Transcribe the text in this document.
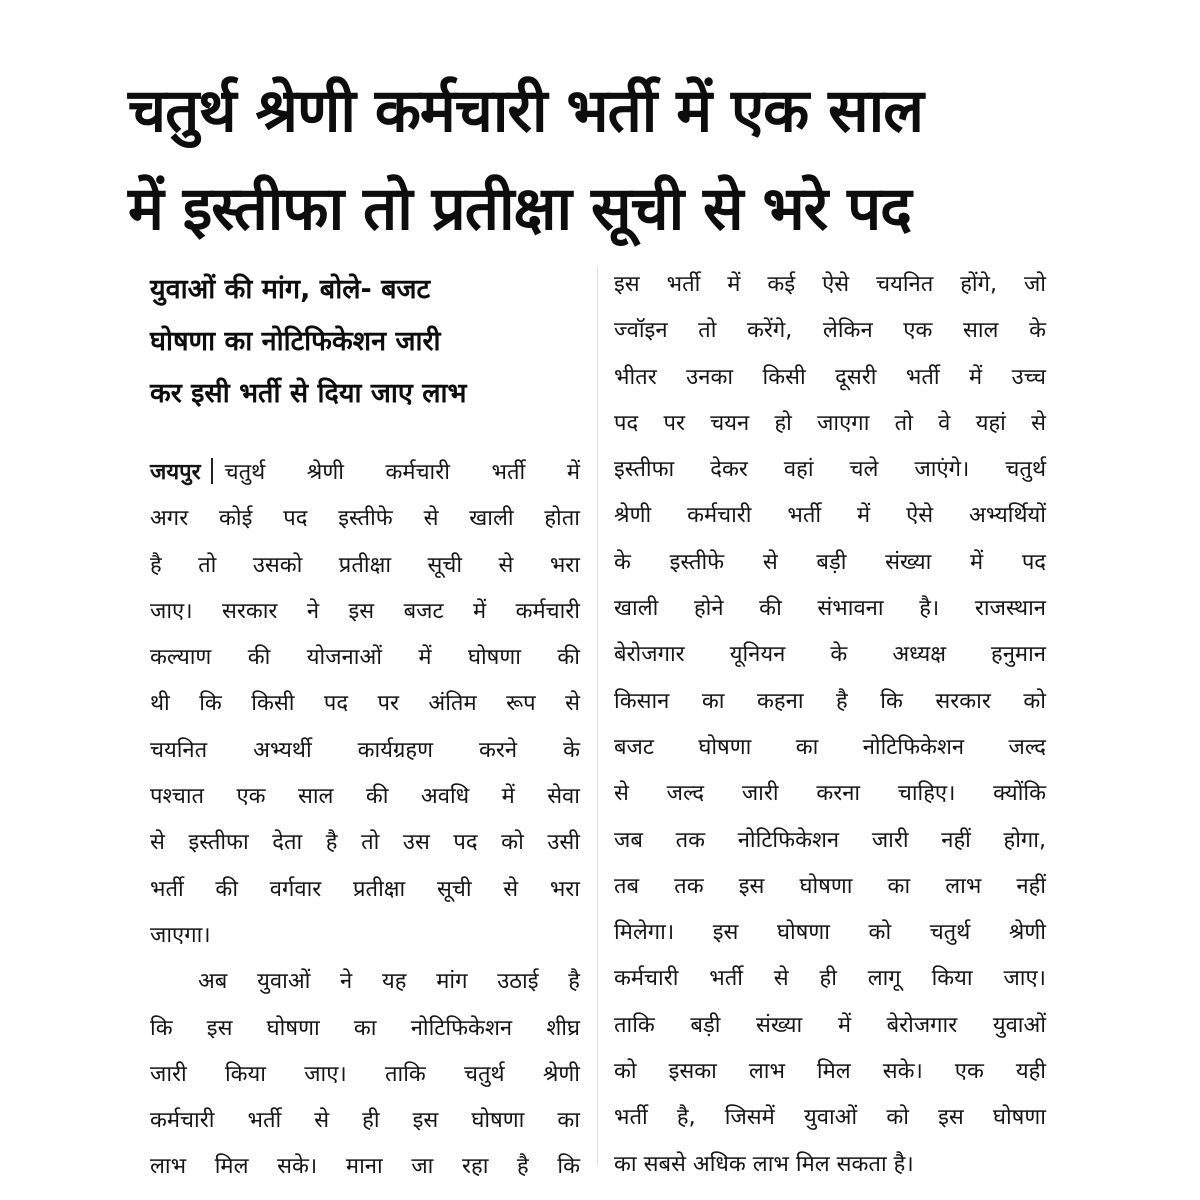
चतुर्थ श्रेणी कर्मचारी भर्ती में एक साल
में इस्तीफा तो प्रतीक्षा सूची से भरे पद
युवाओं की मांग, बोले- बजट
घोषणा का नोटिफिकेशन जारी
कर इसी भर्ती से दिया जाए लाभ
जयपुर चतुर्थ श्रेणी कर्मचारी भर्ती में
अगर कोई पद इस्तीफे से खाली होता
है तो उसको प्रतीक्षा सूची से भरा
जाए। सरकार ने इस बजट में कर्मचारी
कल्याण की योजनाओं में घोषणा की
थी कि किसी पद पर अंतिम रूप से
चयनित अभ्यर्थी कार्यग्रहण करने के
पश्चात एक साल की अवधि में सेवा
से इस्तीफा देता है तो उस पद को उसी
भर्ती की वर्गवार प्रतीक्षा सूची से भरा
जाएगा।
अब युवाओं ने यह मांग उठाई है
कि इस घोषणा का नोटिफिकेशन शीघ्र
जारी किया जाए। ताकि चतुर्थ श्रेणी
कर्मचारी भर्ती से ही इस घोषणा का
लाभ मिल सके। माना जा रहा है कि
इस भर्ती में कई ऐसे चयनित होंगे, जो
ज्वॉइन तो करेंगे, लेकिन एक साल के
भीतर उनका किसी दूसरी भर्ती में उच्च
पद पर चयन हो जाएगा तो वे यहां से
इस्तीफा देकर वहां चले जाएंगे। चतुर्थ
श्रेणी कर्मचारी भर्ती में ऐसे अभ्यर्थियों
के इस्तीफे से बड़ी संख्या में पद
खाली होने की संभावना है। राजस्थान
बेरोजगार यूनियन के अध्यक्ष हनुमान
किसान का कहना है कि सरकार को
बजट घोषणा का नोटिफिकेशन जल्द
से जल्द जारी करना चाहिए। क्योंकि
जब तक नोटिफिकेशन जारी नहीं होगा,
तब तक इस घोषणा का लाभ नहीं
मिलेगा। इस घोषणा को चतुर्थ श्रेणी
कर्मचारी भर्ती से ही लागू किया जाए।
ताकि बड़ी संख्या में बेरोजगार युवाओं
को इसका लाभ मिल सके। एक यही
भर्ती है, जिसमें युवाओं को इस घोषणा
का सबसे अधिक लाभ मिल सकता है।
